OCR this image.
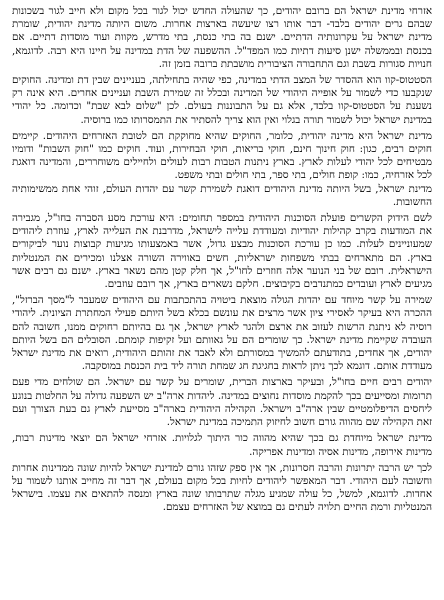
אזרחי מדינת ישראל הם ברובם יהודים, כך שהעולה החדש יכול לגור בכל מקום ולא חייב לגור בשכונות שבהם גרים יהודים בלבד- דבר אותו רצו שיעשה בארצות אחרות. משום היותה מדינת יהודית, שומרת מדינת ישראל על עקרונותיה הדתיים. ישנם בה בתי כנסת, בתי מדרש, מקוות ועוד מוסדות דתיים. אם בכנסת ובממשלה ישנן סיעות דתיות כמו המפד"ל. ההשפעה של הדת במדינה על חיינו היא רבה. לדוגמא, חנויות סגורות בשבת וגם התחבורה הציבורית מושבתת ברובה בזמן זה.

הסטטוס-קוו הוא ההסדר של המצב הדתי במדינה, כפי שהיה בתחילתה, בעניינים שבין דת ומדינה. החוקים שנקבעו כדי לשמור על אופייה היהודי של המדינה ובכלל זה שמירת השבת ועניינים אחרים. היא אינה רק נשענת על הסטטוס-קוו בלבד, אלא גם על התבוננות בעולם. לכן "שלום לבא שבת" וכדומה. כל יהודי במדינת ישראל יכול לשמור תורה בגלוי ואין הוא צריך להסתיר את התמסרותו כמו ברוסיה.

מדינת ישראל היא מדינה יהודית, כלומר, החוקים שהיא מחוקקת הם לטובת האזרחים היהודים. קיימים חוקים רבים, כגון: חוק חינוך חינם, חוקי בריאות, חוקי הבחירות, ועוד. חוקים כמו "חוק השבות" ודומיו מבטיחים לכל יהודי לעלות לארץ. בארץ ניתנות הטבות רבות לעולים ולחיילים משוחררים, והמדינה דואגת לכל אזרחיה, כמו: קופת חולים, בתי ספר, בתי חולים ובתי משפט.

מדינת ישראל, בשל היותה מדינת היהודים דואגת לשמירת קשר עם יהדות העולם, זוהי אחת ממשימותיה החשובות.

לשם הידוק הקשרים פועלת הסוכנות היהודית במספר תחומים: היא עורכת מסע הסברה בחו"ל, מגבירה את המודעות בקרב קהילות יהודיות ומעודדת עלייה לישראל, מדרבנת את העלייה לארץ, עוזרת ליהודים שמעוניינים לעלות. כמו כן עורכת הסוכנות מבצע גדול, אשר באמצעותו מגיעות קבוצות נוער לביקורים בארץ. הם מתארחים בבתי משפחות ישראליות, חשים באווירה השורה אצלנו ומכירים את המנטליות הישראלית. רובם של בני הנוער אלה חוזרים לחו"ל, אך חלק קטן מהם נשאר בארץ. ישנם גם רבים אשר מגיעים לארץ ועובדים כמתנדבים בקיבוצים. חלקם נשארים בארץ, אך רובם עוזבים.

שמירה על קשר מיוחד עם יהדות הגולה מוצאת ביטויה בהתכתבות עם היהודים שמעבר ל"מסך הברזל", ההכרה היא בעיקר לאסירי ציון אשר מרצים את עונשם בכלא בשל היותם פעילי המחתרת הציונית. ליהודי רוסיה לא ניתנת הרשות לעזוב את ארצם ולהגר לארץ ישראל, אך גם בהיותם רחוקים ממנו, חשובה להם העובדה שקיימת מדינת ישראל. כך שומרים הם על גאוותם ועל זקיפות קומתם. הסובלים הם בשל היותם יהודים, אך אחדים, בתודעתם להמשיך במסורתם ולא לאבד את זהותם היהודית, רואים את מדינת ישראל מעודדת אותם. דוגמא לכך ניתן לראות בחגיגת חג שמחת תורה ליד בית הכנסת במוסקבה.

יהודים רבים חיים בחו"ל, ובעיקר בארצות הברית, שומרים על קשר עם ישראל. הם שולחים מדי פעם תרומות ומסייעים בכך להקמת מוסדות נחוצים במדינה. ליהדות ארה"ב יש השפעה גדולה על החלטות בנוגע ליחסים הדיפלומטיים שבין ארה"ב וישראל. הקהילה היהודית בארה"ב מסייעת לארץ גם בעת הצורך ועם זאת הקהילה שם מהווה גורם חשוב לחיזוק התמיכה במדינת ישראל.

מדינת ישראל מיוחדת גם בכך שהיא מהווה כור היתוך לגלויות. אזרחי ישראל הם יוצאי מדינות רבות, מדינות אירופה, מדינות אסיה ומדינות אפריקה.

לכך יש הרבה יתרונות והרבה חסרונות, אך אין ספק שזהו גורם למדינת ישראל להיות שונה ממדינות אחרות וחשובה לעם היהודי. דבר המאפשר ליהודים לחיות בכל מקום בעולם, אך דבר זה מחייב אותנו לשמור על אחדות. לדוגמא, למשל, כל עולה שמגיע מגלה שתרבותו שונה בארץ ומנסה להתאים את עצמו. בישראל המנטליות ורמת החיים תלויה לעתים גם במוצא של האזרחים עצמם.
